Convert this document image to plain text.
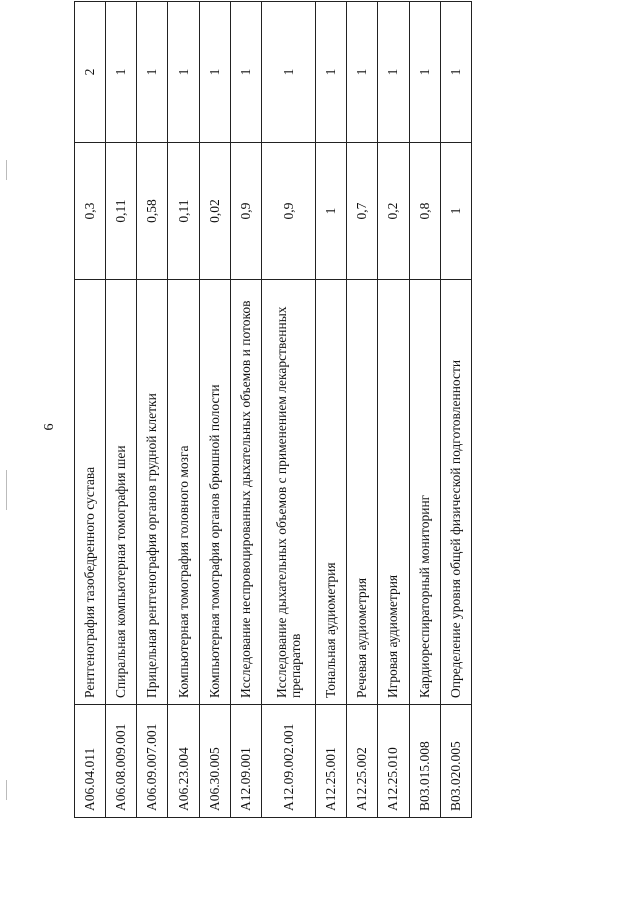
6
A06.04.011	Рентгенография тазобедренного сустава	0,3	2
A06.08.009.001	Спиральная компьютерная томография шеи	0,11	1
A06.09.007.001	Прицельная рентгенография органов грудной клетки	0,58	1
A06.23.004	Компьютерная томография головного мозга	0,11	1
A06.30.005	Компьютерная томография органов брюшной полости	0,02	1
A12.09.001	Исследование неспровоцированных дыхательных объемов и потоков	0,9	1
A12.09.002.001	Исследование дыхательных объемов с применением лекарственных препаратов	0,9	1
A12.25.001	Тональная аудиометрия	1	1
A12.25.002	Речевая аудиометрия	0,7	1
A12.25.010	Игровая аудиометрия	0,2	1
B03.015.008	Кардиореспираторный мониторинг	0,8	1
B03.020.005	Определение уровня общей физической подготовленности	1	1
